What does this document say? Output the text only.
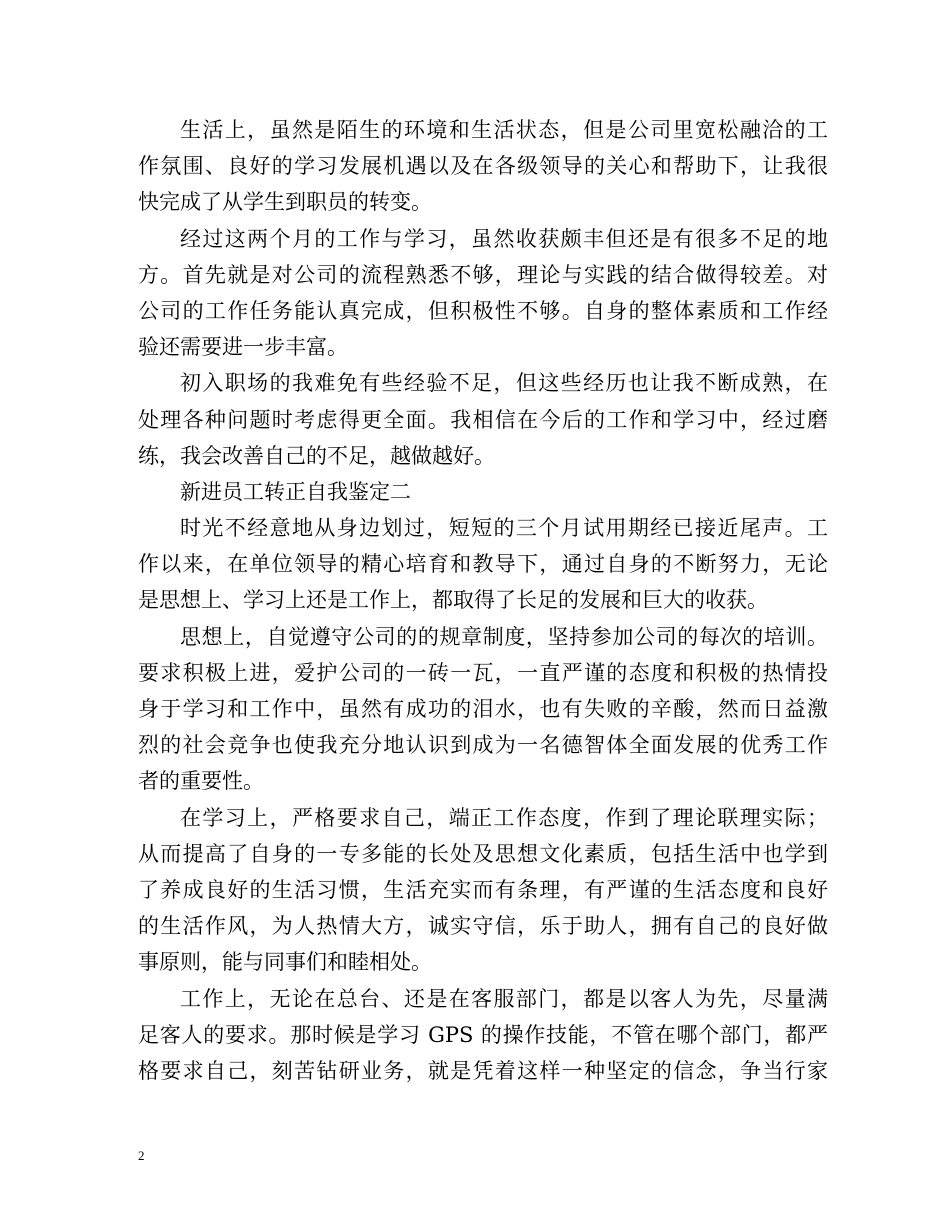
生活上，虽然是陌生的环境和生活状态，但是公司里宽松融洽的工
作氛围、良好的学习发展机遇以及在各级领导的关心和帮助下，让我很
快完成了从学生到职员的转变。
经过这两个月的工作与学习，虽然收获颇丰但还是有很多不足的地
方。首先就是对公司的流程熟悉不够，理论与实践的结合做得较差。对
公司的工作任务能认真完成，但积极性不够。自身的整体素质和工作经
验还需要进一步丰富。
初入职场的我难免有些经验不足，但这些经历也让我不断成熟，在
处理各种问题时考虑得更全面。我相信在今后的工作和学习中，经过磨
练，我会改善自己的不足，越做越好。
新进员工转正自我鉴定二
时光不经意地从身边划过，短短的三个月试用期经已接近尾声。工
作以来，在单位领导的精心培育和教导下，通过自身的不断努力，无论
是思想上、学习上还是工作上，都取得了长足的发展和巨大的收获。
思想上，自觉遵守公司的的规章制度，坚持参加公司的每次的培训。
要求积极上进，爱护公司的一砖一瓦，一直严谨的态度和积极的热情投
身于学习和工作中，虽然有成功的泪水，也有失败的辛酸，然而日益激
烈的社会竞争也使我充分地认识到成为一名德智体全面发展的优秀工作
者的重要性。
在学习上，严格要求自己，端正工作态度，作到了理论联理实际；
从而提高了自身的一专多能的长处及思想文化素质，包括生活中也学到
了养成良好的生活习惯，生活充实而有条理，有严谨的生活态度和良好
的生活作风，为人热情大方，诚实守信，乐于助人，拥有自己的良好做
事原则，能与同事们和睦相处。
工作上，无论在总台、还是在客服部门，都是以客人为先，尽量满
足客人的要求。那时候是学习 GPS 的操作技能，不管在哪个部门，都严
格要求自己，刻苦钻研业务，就是凭着这样一种坚定的信念，争当行家
2
